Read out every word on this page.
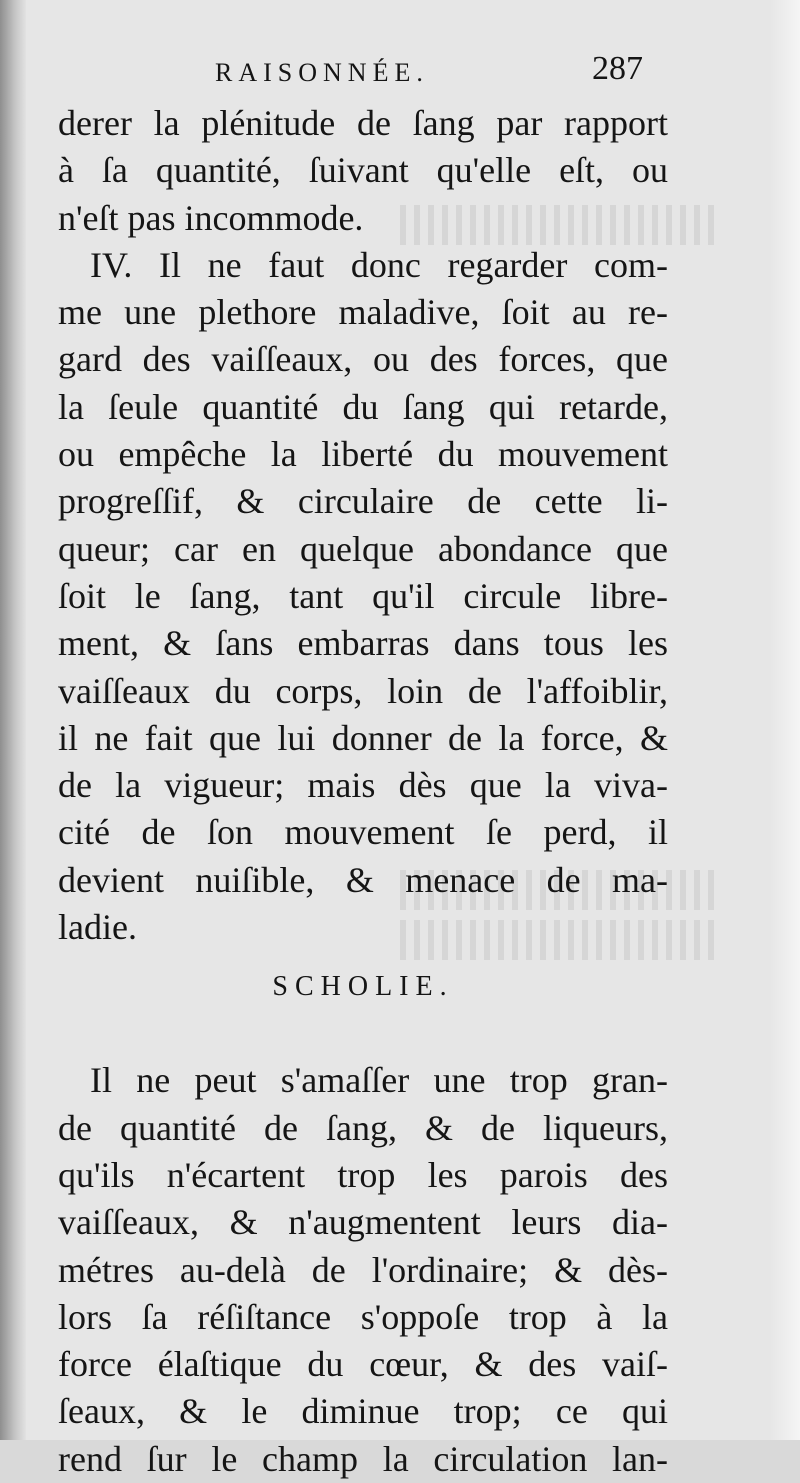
RAISONNÉE.	287
derer la plénitude de ſang par rapport
à ſa quantité, ſuivant qu'elle eſt, ou
n'eſt pas incommode.
IV. Il ne faut donc regarder com-
me une plethore maladive, ſoit au re-
gard des vaiſſeaux, ou des forces, que
la ſeule quantité du ſang qui retarde,
ou empêche la liberté du mouvement
progreſſif, & circulaire de cette li-
queur; car en quelque abondance que
ſoit le ſang, tant qu'il circule libre-
ment, & ſans embarras dans tous les
vaiſſeaux du corps, loin de l'affoiblir,
il ne fait que lui donner de la force, &
de la vigueur; mais dès que la viva-
cité de ſon mouvement ſe perd, il
devient nuiſible, & menace de ma-
ladie.
SCHOLIE.
Il ne peut s'amaſſer une trop gran-
de quantité de ſang, & de liqueurs,
qu'ils n'écartent trop les parois des
vaiſſeaux, & n'augmentent leurs dia-
métres au-delà de l'ordinaire; & dès-
lors ſa réſiſtance s'oppoſe trop à la
force élaſtique du cœur, & des vaiſ-
ſeaux, & le diminue trop; ce qui
rend ſur le champ la circulation lan-
